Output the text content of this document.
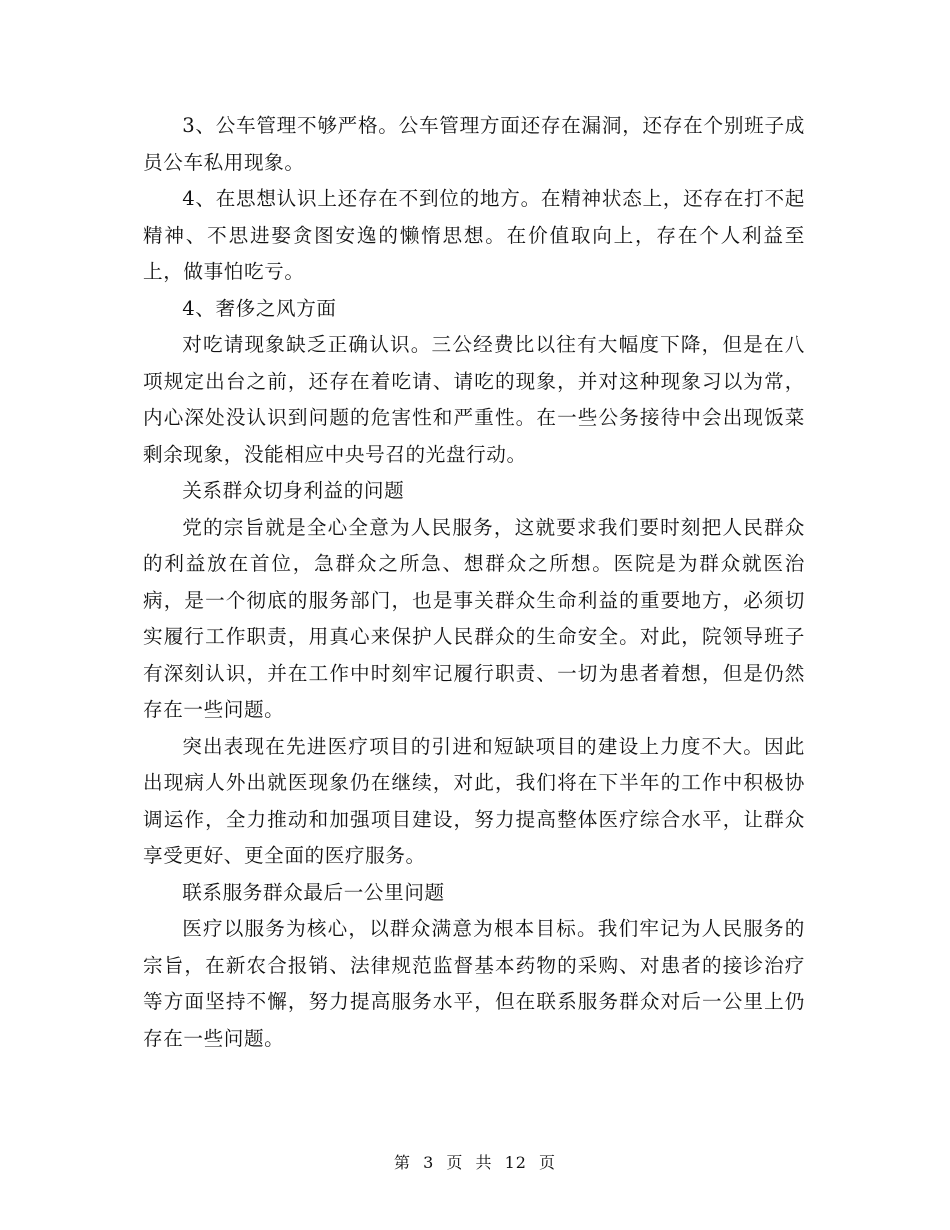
3、公车管理不够严格。公车管理方面还存在漏洞，还存在个别班子成员公车私用现象。

4、在思想认识上还存在不到位的地方。在精神状态上，还存在打不起精神、不思进娶贪图安逸的懒惰思想。在价值取向上，存在个人利益至上，做事怕吃亏。

4、奢侈之风方面

对吃请现象缺乏正确认识。三公经费比以往有大幅度下降，但是在八项规定出台之前，还存在着吃请、请吃的现象，并对这种现象习以为常，内心深处没认识到问题的危害性和严重性。在一些公务接待中会出现饭菜剩余现象，没能相应中央号召的光盘行动。

关系群众切身利益的问题

党的宗旨就是全心全意为人民服务，这就要求我们要时刻把人民群众的利益放在首位，急群众之所急、想群众之所想。医院是为群众就医治病，是一个彻底的服务部门，也是事关群众生命利益的重要地方，必须切实履行工作职责，用真心来保护人民群众的生命安全。对此，院领导班子有深刻认识，并在工作中时刻牢记履行职责、一切为患者着想，但是仍然存在一些问题。

突出表现在先进医疗项目的引进和短缺项目的建设上力度不大。因此出现病人外出就医现象仍在继续，对此，我们将在下半年的工作中积极协调运作，全力推动和加强项目建设，努力提高整体医疗综合水平，让群众享受更好、更全面的医疗服务。

联系服务群众最后一公里问题

医疗以服务为核心，以群众满意为根本目标。我们牢记为人民服务的宗旨，在新农合报销、法律规范监督基本药物的采购、对患者的接诊治疗等方面坚持不懈，努力提高服务水平，但在联系服务群众对后一公里上仍存在一些问题。

第 3 页 共 12 页
